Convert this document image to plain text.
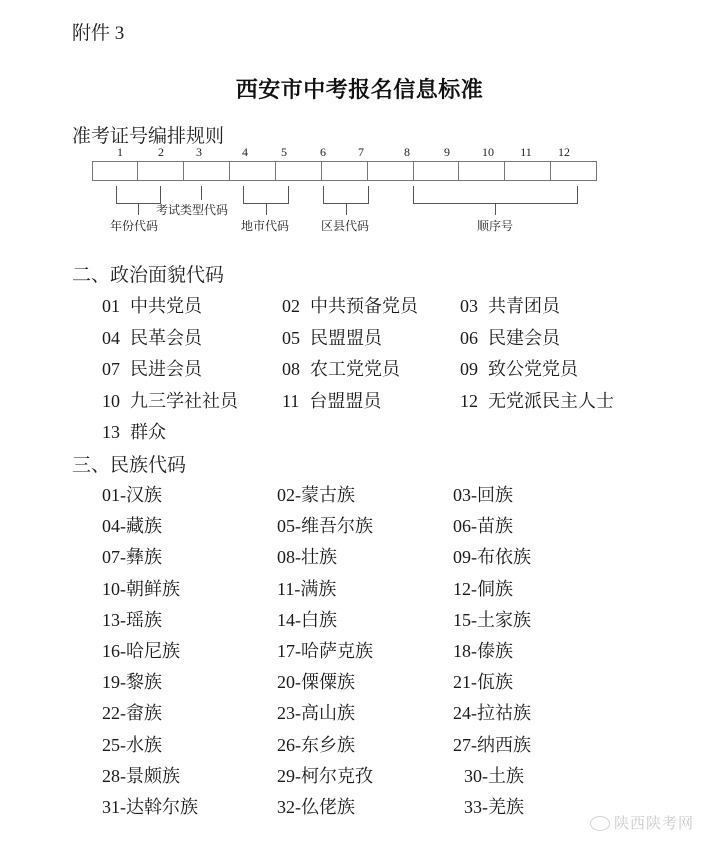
附件 3
西安市中考报名信息标准
准考证号编排规则
1	2	3	4	5	6	7	8	9	10 11 12
年份代码
考试类型代码
地市代码	区县代码	顺序号
二、政治面貌代码
01 中共党员	02 中共预备党员 03 共青团员
04 民革会员	05 民盟盟员	06 民建会员
07 民进会员	08 农工党党员	09 致公党党员
10 九三学社社员 11 台盟盟员	12 无党派民主人士
13 群众
三、民族代码
01-汉族	02-蒙古族	03-回族
04-藏族	05-维吾尔族	06-苗族
07-彝族	08-壮族	09-布依族
10-朝鲜族	11-满族	12-侗族
13-瑶族	14-白族	15-土家族
16-哈尼族	17-哈萨克族	18-傣族
19-黎族	20-傈僳族	21-佤族
22-畲族	23-高山族	24-拉祜族
25-水族	26-东乡族	27-纳西族
28-景颇族	29-柯尔克孜	30-土族
31-达斡尔族	32-仫佬族	33-羌族
陕西陕考网
